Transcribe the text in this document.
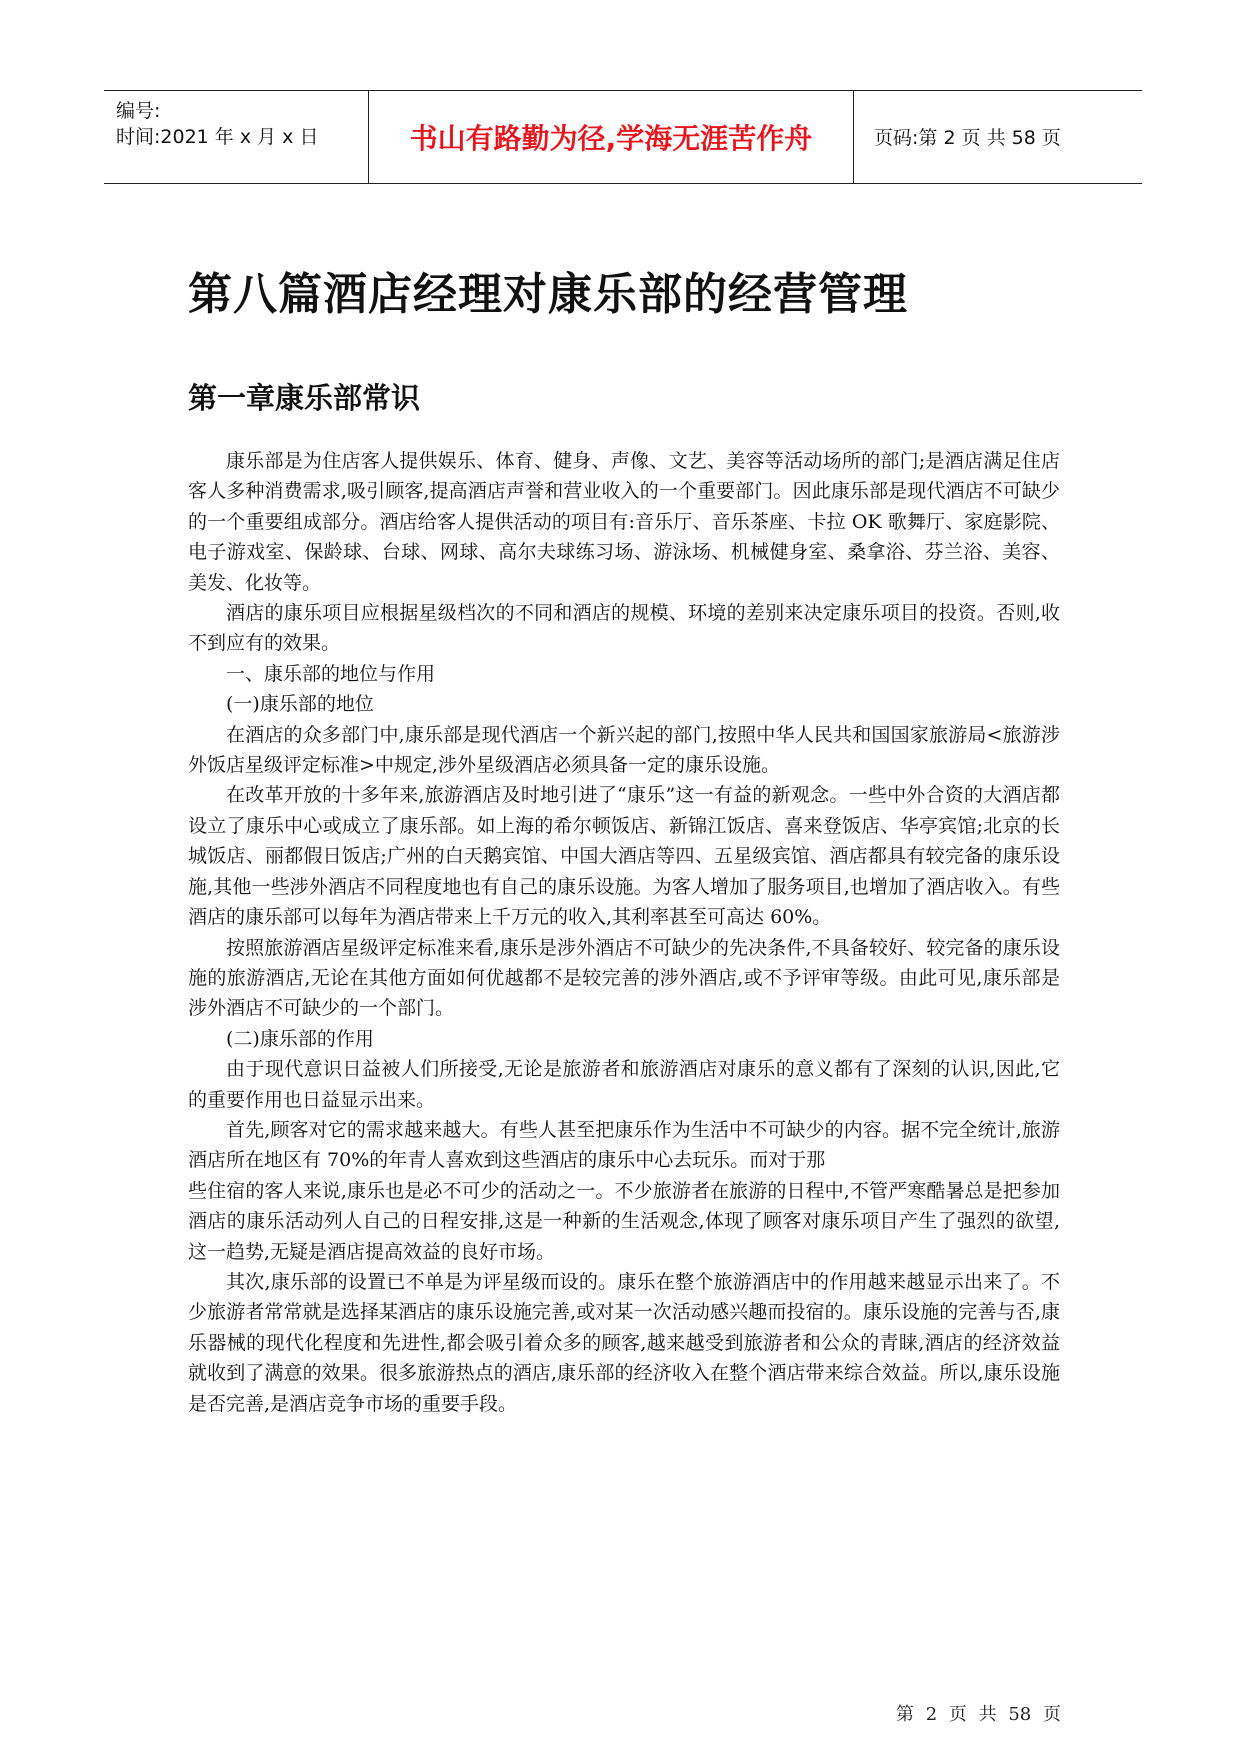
编号:
时间:2021 年 x 月 x 日	书山有路勤为径,学海无涯苦作舟	页码:第 2 页 共 58 页
第八篇酒店经理对康乐部的经营管理
第一章康乐部常识

康乐部是为住店客人提供娱乐、体育、健身、声像、文艺、美容等活动场所的部门;是酒店满足住店客人多种消费需求,吸引顾客,提高酒店声誉和营业收入的一个重要部门。因此康乐部是现代酒店不可缺少的一个重要组成部分。酒店给客人提供活动的项目有:音乐厅、音乐茶座、卡拉 OK 歌舞厅、家庭影院、电子游戏室、保龄球、台球、网球、高尔夫球练习场、游泳场、机械健身室、桑拿浴、芬兰浴、美容、美发、化妆等。

酒店的康乐项目应根据星级档次的不同和酒店的规模、环境的差别来决定康乐项目的投资。否则,收不到应有的效果。

一、康乐部的地位与作用

(一)康乐部的地位

在酒店的众多部门中,康乐部是现代酒店一个新兴起的部门,按照中华人民共和国国家旅游局<旅游涉外饭店星级评定标准>中规定,涉外星级酒店必须具备一定的康乐设施。

在改革开放的十多年来,旅游酒店及时地引进了“康乐”这一有益的新观念。一些中外合资的大酒店都设立了康乐中心或成立了康乐部。如上海的希尔顿饭店、新锦江饭店、喜来登饭店、华亭宾馆;北京的长城饭店、丽都假日饭店;广州的白天鹅宾馆、中国大酒店等四、五星级宾馆、酒店都具有较完备的康乐设施,其他一些涉外酒店不同程度地也有自己的康乐设施。为客人增加了服务项目,也增加了酒店收入。有些酒店的康乐部可以每年为酒店带来上千万元的收入,其利率甚至可高达 60%。

按照旅游酒店星级评定标准来看,康乐是涉外酒店不可缺少的先决条件,不具备较好、较完备的康乐设施的旅游酒店,无论在其他方面如何优越都不是较完善的涉外酒店,或不予评审等级。由此可见,康乐部是涉外酒店不可缺少的一个部门。

(二)康乐部的作用

由于现代意识日益被人们所接受,无论是旅游者和旅游酒店对康乐的意义都有了深刻的认识,因此,它的重要作用也日益显示出来。

首先,顾客对它的需求越来越大。有些人甚至把康乐作为生活中不可缺少的内容。据不完全统计,旅游酒店所在地区有 70%的年青人喜欢到这些酒店的康乐中心去玩乐。而对于那

些住宿的客人来说,康乐也是必不可少的活动之一。不少旅游者在旅游的日程中,不管严寒酷暑总是把参加酒店的康乐活动列人自己的日程安排,这是一种新的生活观念,体现了顾客对康乐项目产生了强烈的欲望,这一趋势,无疑是酒店提高效益的良好市场。

其次,康乐部的设置已不单是为评星级而设的。康乐在整个旅游酒店中的作用越来越显示出来了。不少旅游者常常就是选择某酒店的康乐设施完善,或对某一次活动感兴趣而投宿的。康乐设施的完善与否,康乐器械的现代化程度和先进性,都会吸引着众多的顾客,越来越受到旅游者和公众的青睐,酒店的经济效益就收到了满意的效果。很多旅游热点的酒店,康乐部的经济收入在整个酒店带来综合效益。所以,康乐设施是否完善,是酒店竞争市场的重要手段。

第 2 页 共 58 页
